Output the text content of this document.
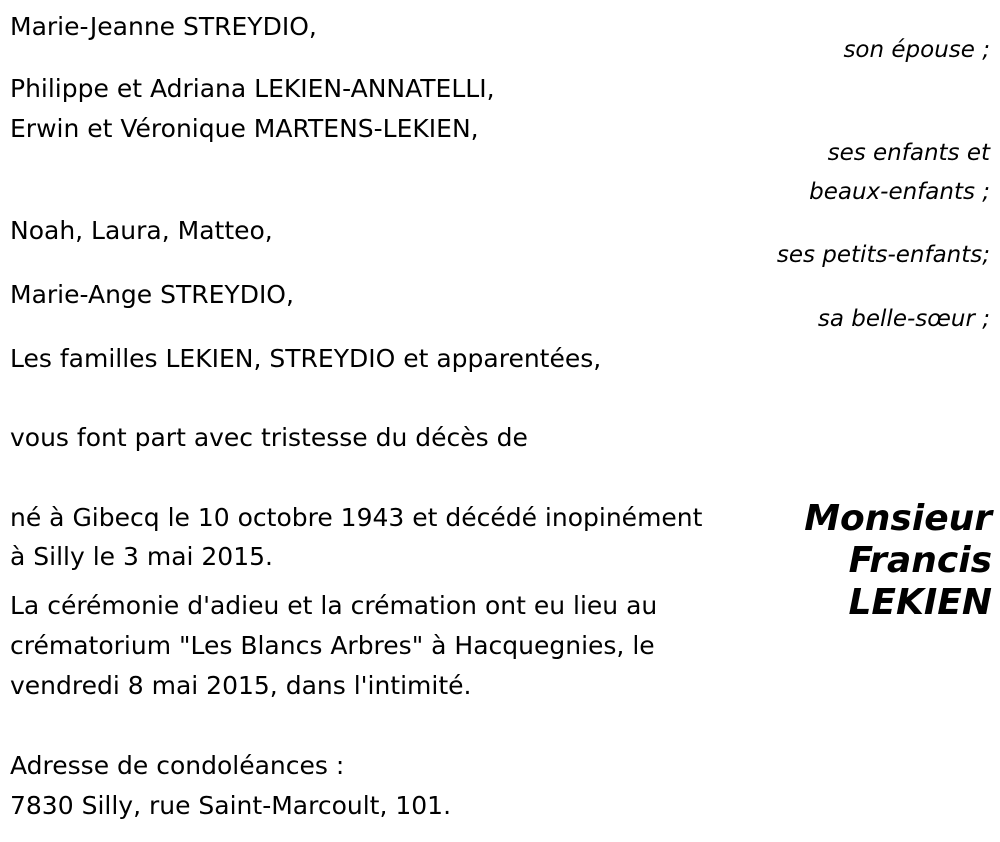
Marie-Jeanne STREYDIO,
son épouse ;
Philippe et Adriana LEKIEN-ANNATELLI,
Erwin et Véronique MARTENS-LEKIEN,
ses enfants et
beaux-enfants ;
Noah, Laura, Matteo,
ses petits-enfants;
Marie-Ange STREYDIO,
sa belle-sœur ;
Les familles LEKIEN, STREYDIO et apparentées,
vous font part avec tristesse du décès de
né à Gibecq le 10 octobre 1943 et décédé inopinément
à Silly le 3 mai 2015.
La cérémonie d'adieu et la crémation ont eu lieu au
crématorium "Les Blancs Arbres" à Hacquegnies, le
vendredi 8 mai 2015, dans l'intimité.
Monsieur
Francis
LEKIEN
Adresse de condoléances :
7830 Silly, rue Saint-Marcoult, 101.
